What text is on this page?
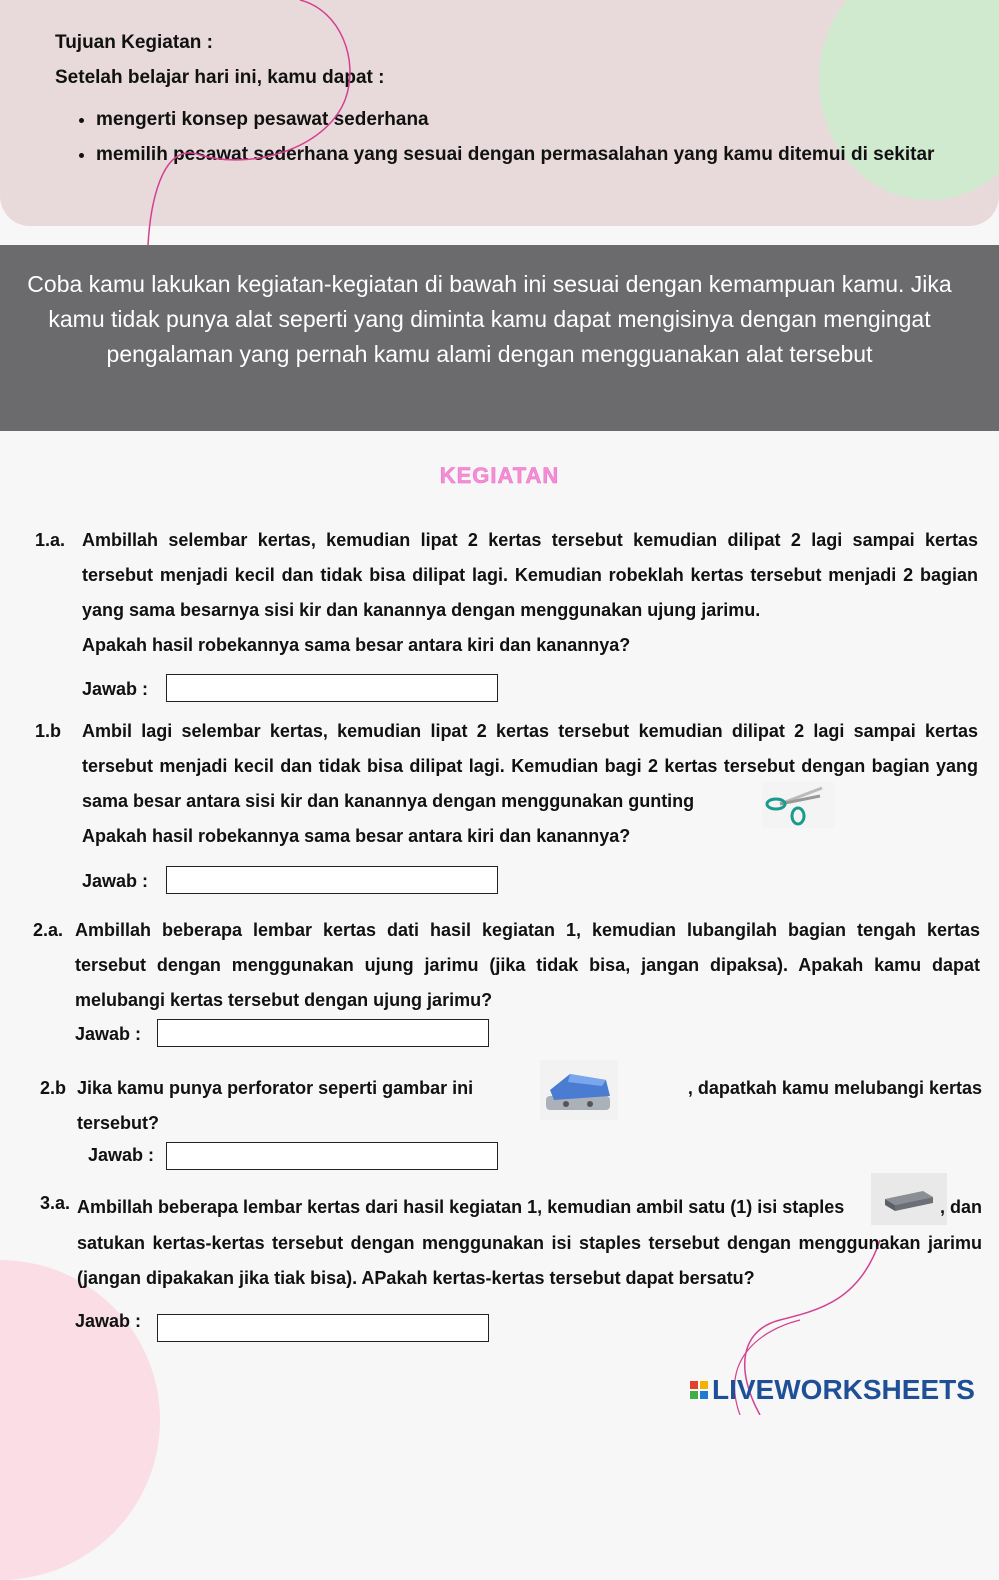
Tujuan Kegiatan :
Setelah belajar hari ini, kamu dapat :
• mengerti konsep pesawat sederhana
• memilih pesawat sederhana yang sesuai dengan permasalahan yang kamu ditemui di sekitar
Coba kamu lakukan kegiatan-kegiatan di bawah ini sesuai dengan kemampuan kamu. Jika kamu tidak punya alat seperti yang diminta kamu dapat mengisinya dengan mengingat pengalaman yang pernah kamu alami dengan mengguanakan alat tersebut
KEGIATAN
1.a. Ambillah selembar kertas, kemudian lipat 2 kertas tersebut kemudian dilipat 2 lagi sampai kertas tersebut menjadi kecil dan tidak bisa dilipat lagi. Kemudian robeklah kertas tersebut menjadi 2 bagian yang sama besarnya sisi kir dan kanannya dengan menggunakan ujung jarimu.
Apakah hasil robekannya sama besar antara kiri dan kanannya?
Jawab :
1.b Ambil lagi selembar kertas, kemudian lipat 2 kertas tersebut kemudian dilipat 2 lagi sampai kertas tersebut menjadi kecil dan tidak bisa dilipat lagi. Kemudian bagi 2 kertas tersebut dengan bagian yang sama besar antara sisi kir dan kanannya dengan menggunakan gunting
Apakah hasil robekannya sama besar antara kiri dan kanannya?
Jawab :
2.a. Ambillah beberapa lembar kertas dati hasil kegiatan 1, kemudian lubangilah bagian tengah kertas tersebut dengan menggunakan ujung jarimu (jika tidak bisa, jangan dipaksa). Apakah kamu dapat melubangi kertas tersebut dengan ujung jarimu?
Jawab :
2.b Jika kamu punya perforator seperti gambar ini	, dapatkah kamu melubangi kertas
tersebut?
Jawab :
3.a. Ambillah beberapa lembar kertas dari hasil kegiatan 1, kemudian ambil satu (1) isi staples	, dan
satukan kertas-kertas tersebut dengan menggunakan isi staples tersebut dengan menggunakan jarimu (jangan dipakakan jika tiak bisa). APakah kertas-kertas tersebut dapat bersatu?
Jawab :
LIVEWORKSHEETS
